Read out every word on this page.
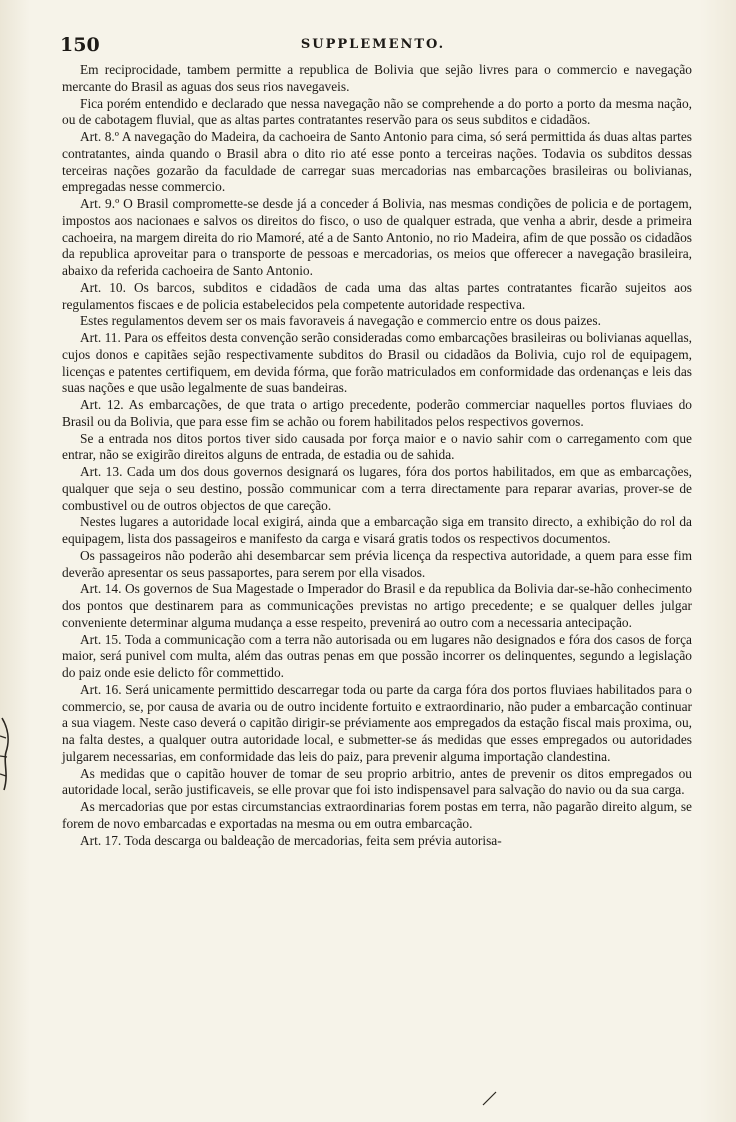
150	SUPPLEMENTO.

Em reciprocidade, tambem permitte a republica de Bolivia que sejão livres para o commercio e navegação mercante do Brasil as aguas dos seus rios navegaveis.

Fica porém entendido e declarado que nessa navegação não se comprehende a do porto a porto da mesma nação, ou de cabotagem fluvial, que as altas partes contratantes reservão para os seus subditos e cidadãos.

Art. 8.º A navegação do Madeira, da cachoeira de Santo Antonio para cima, só será permittida ás duas altas partes contratantes, ainda quando o Brasil abra o dito rio até esse ponto a terceiras nações. Todavia os subditos dessas terceiras nações gozarão da faculdade de carregar suas mercadorias nas embarcações brasileiras ou bolivianas, empregadas nesse commercio.

Art. 9.º O Brasil compromette-se desde já a conceder á Bolivia, nas mesmas condições de policia e de portagem, impostos aos nacionaes e salvos os direitos do fisco, o uso de qualquer estrada, que venha a abrir, desde a primeira cachoeira, na margem direita do rio Mamoré, até a de Santo Antonio, no rio Madeira, afim de que possão os cidadãos da republica aproveitar para o transporte de pessoas e mercadorias, os meios que offerecer a navegação brasileira, abaixo da referida cachoeira de Santo Antonio.

Art. 10. Os barcos, subditos e cidadãos de cada uma das altas partes contratantes ficarão sujeitos aos regulamentos fiscaes e de policia estabelecidos pela competente autoridade respectiva.

Estes regulamentos devem ser os mais favoraveis á navegação e commercio entre os dous paizes.

Art. 11. Para os effeitos desta convenção serão consideradas como embarcações brasileiras ou bolivianas aquellas, cujos donos e capitães sejão respectivamente subditos do Brasil ou cidadãos da Bolivia, cujo rol de equipagem, licenças e patentes certifiquem, em devida fórma, que forão matriculados em conformidade das ordenanças e leis das suas nações e que usão legalmente de suas bandeiras.

Art. 12. As embarcações, de que trata o artigo precedente, poderão commerciar naquelles portos fluviaes do Brasil ou da Bolivia, que para esse fim se achão ou forem habilitados pelos respectivos governos.

Se a entrada nos ditos portos tiver sido causada por força maior e o navio sahir com o carregamento com que entrar, não se exigirão direitos alguns de entrada, de estadia ou de sahida.

Art. 13. Cada um dos dous governos designará os lugares, fóra dos portos habilitados, em que as embarcações, qualquer que seja o seu destino, possão communicar com a terra directamente para reparar avarias, prover-se de combustivel ou de outros objectos de que careção.

Nestes lugares a autoridade local exigirá, ainda que a embarcação siga em transito directo, a exhibição do rol da equipagem, lista dos passageiros e manifesto da carga e visará gratis todos os respectivos documentos.

Os passageiros não poderão ahi desembarcar sem prévia licença da respectiva autoridade, a quem para esse fim deverão apresentar os seus passaportes, para serem por ella visados.

Art. 14. Os governos de Sua Magestade o Imperador do Brasil e da republica da Bolivia dar-se-hão conhecimento dos pontos que destinarem para as communicações previstas no artigo precedente; e se qualquer delles julgar conveniente determinar alguma mudança a esse respeito, prevenirá ao outro com a necessaria antecipação.

Art. 15. Toda a communicação com a terra não autorisada ou em lugares não designados e fóra dos casos de força maior, será punivel com multa, além das outras penas em que possão incorrer os delinquentes, segundo a legislação do paiz onde esie delicto fôr commettido.

Art. 16. Será unicamente permittido descarregar toda ou parte da carga fóra dos portos fluviaes habilitados para o commercio, se, por causa de avaria ou de outro incidente fortuito e extraordinario, não puder a embarcação continuar a sua viagem. Neste caso deverá o capitão dirigir-se préviamente aos empregados da estação fiscal mais proxima, ou, na falta destes, a qualquer outra autoridade local, e submetter-se ás medidas que esses empregados ou autoridades julgarem necessarias, em conformidade das leis do paiz, para prevenir alguma importação clandestina.

As medidas que o capitão houver de tomar de seu proprio arbitrio, antes de prevenir os ditos empregados ou autoridade local, serão justificaveis, se elle provar que foi isto indispensavel para salvação do navio ou da sua carga.

As mercadorias que por estas circumstancias extraordinarias forem postas em terra, não pagarão direito algum, se forem de novo embarcadas e exportadas na mesma ou em outra embarcação.

Art. 17. Toda descarga ou baldeação de mercadorias, feita sem prévia autorisa-
